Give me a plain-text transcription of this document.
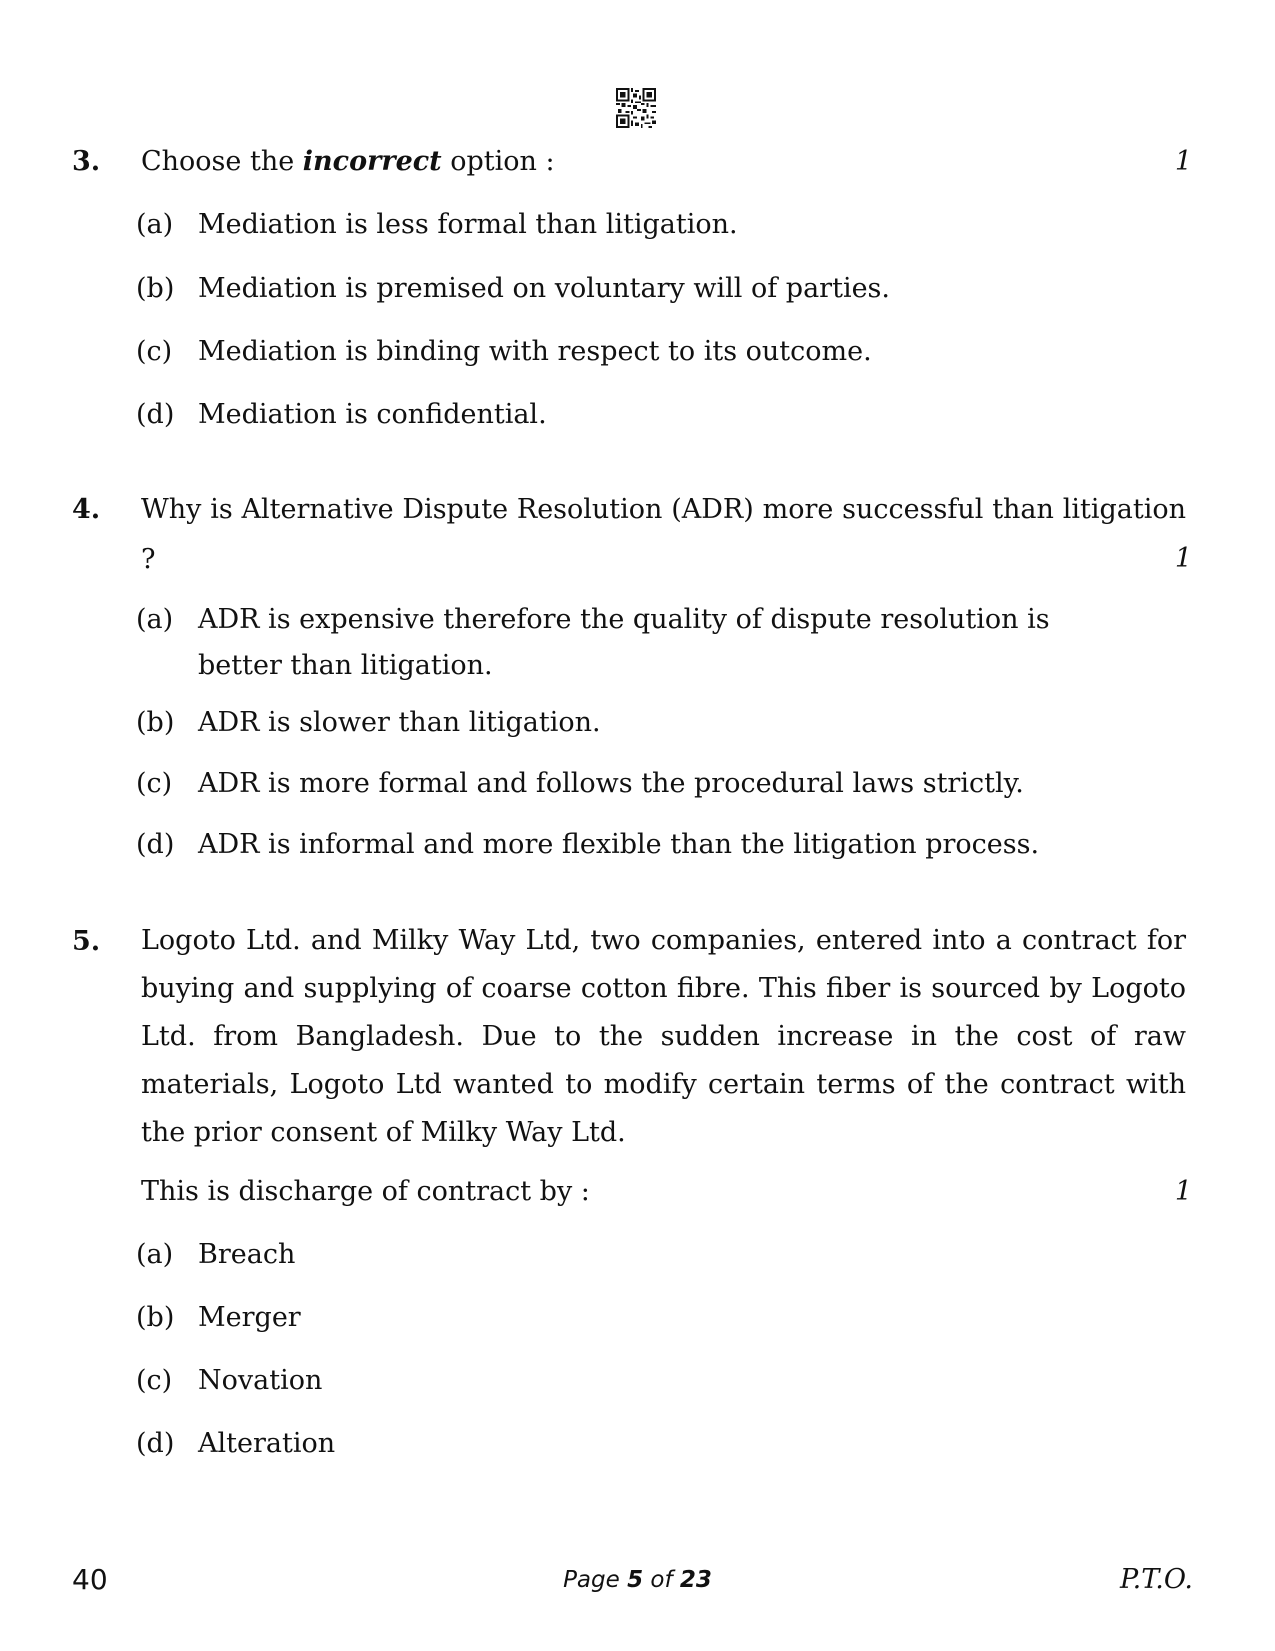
3. Choose the incorrect option :	1
(a) Mediation is less formal than litigation.
(b) Mediation is premised on voluntary will of parties.
(c) Mediation is binding with respect to its outcome.
(d) Mediation is confidential.
4. Why is Alternative Dispute Resolution (ADR) more successful than litigation ?	1
(a) ADR is expensive therefore the quality of dispute resolution is better than litigation.
(b) ADR is slower than litigation.
(c) ADR is more formal and follows the procedural laws strictly.
(d) ADR is informal and more flexible than the litigation process.
5. Logoto Ltd. and Milky Way Ltd, two companies, entered into a contract for buying and supplying of coarse cotton fibre. This fiber is sourced by Logoto Ltd. from Bangladesh. Due to the sudden increase in the cost of raw materials, Logoto Ltd wanted to modify certain terms of the contract with the prior consent of Milky Way Ltd.
This is discharge of contract by :	1
(a) Breach
(b) Merger
(c) Novation
(d) Alteration
40	Page 5 of 23	P.T.O.
